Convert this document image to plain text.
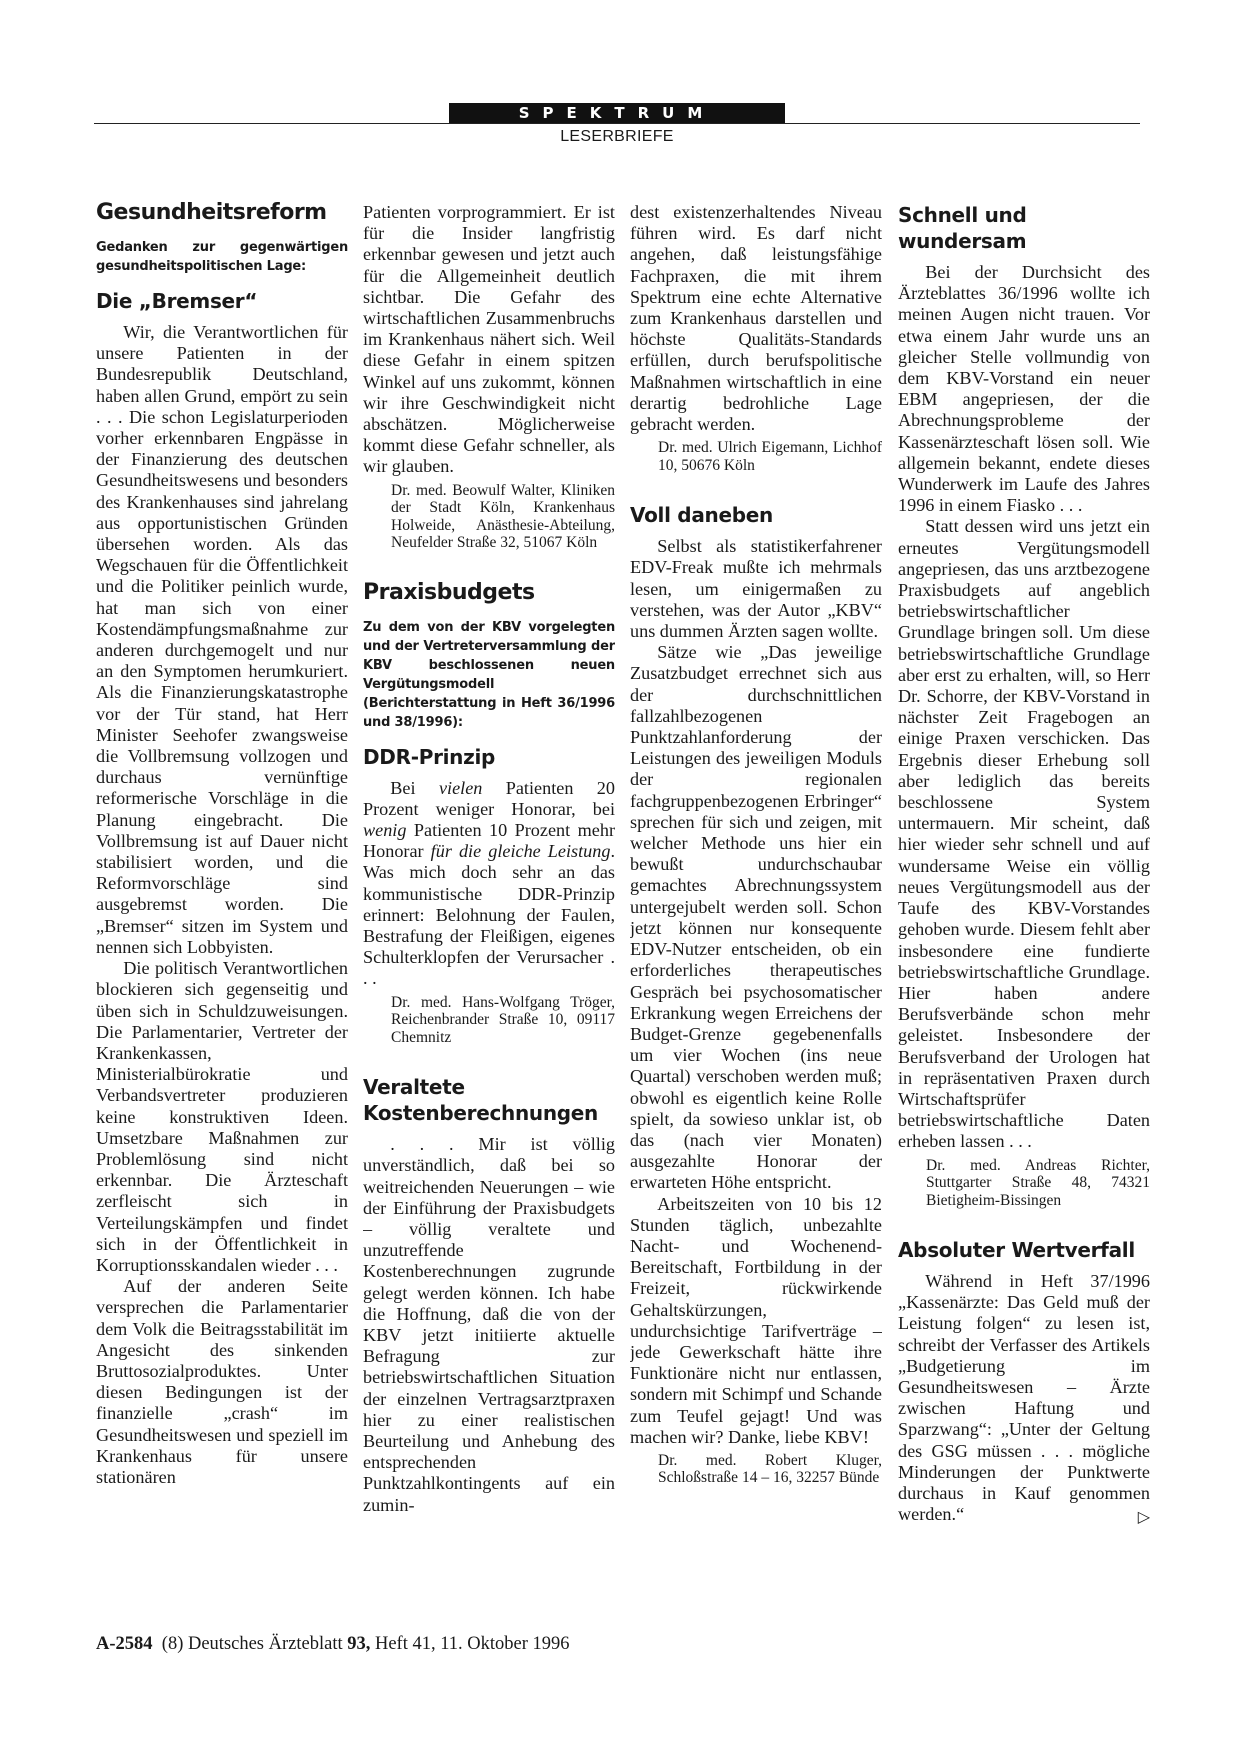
SPEKTRUM
LESERBRIEFE
Gesundheitsreform
Gedanken zur gegenwärtigen gesundheitspolitischen Lage:
Die „Bremser“

Wir, die Verantwortlichen für unsere Patienten in der Bundesrepublik Deutschland, haben allen Grund, empört zu sein . . . Die schon Legislaturperioden vorher erkennbaren Engpässe in der Finanzierung des deutschen Gesundheitswesens und besonders des Krankenhauses sind jahrelang aus opportunistischen Gründen übersehen worden. Als das Wegschauen für die Öffentlichkeit und die Politiker peinlich wurde, hat man sich von einer Kostendämpfungsmaßnahme zur anderen durchgemogelt und nur an den Symptomen herumkuriert. Als die Finanzierungskatastrophe vor der Tür stand, hat Herr Minister Seehofer zwangsweise die Vollbremsung vollzogen und durchaus vernünftige reformerische Vorschläge in die Planung eingebracht. Die Vollbremsung ist auf Dauer nicht stabilisiert worden, und die Reformvorschläge sind ausgebremst worden. Die „Bremser“ sitzen im System und nennen sich Lobbyisten.

Die politisch Verantwortlichen blockieren sich gegenseitig und üben sich in Schuldzuweisungen. Die Parlamentarier, Vertreter der Krankenkassen, Ministerialbürokratie und Verbandsvertreter produzieren keine konstruktiven Ideen. Umsetzbare Maßnahmen zur Problemlösung sind nicht erkennbar. Die Ärzteschaft zerfleischt sich in Verteilungskämpfen und findet sich in der Öffentlichkeit in Korruptionsskandalen wieder . . .

Auf der anderen Seite versprechen die Parlamentarier dem Volk die Beitragsstabilität im Angesicht des sinkenden Bruttosozialproduktes. Unter diesen Bedingungen ist der finanzielle „crash“ im Gesundheitswesen und speziell im Krankenhaus für unsere stationären

Patienten vorprogrammiert. Er ist für die Insider langfristig erkennbar gewesen und jetzt auch für die Allgemeinheit deutlich sichtbar. Die Gefahr des wirtschaftlichen Zusammenbruchs im Krankenhaus nähert sich. Weil diese Gefahr in einem spitzen Winkel auf uns zukommt, können wir ihre Geschwindigkeit nicht abschätzen. Möglicherweise kommt diese Gefahr schneller, als wir glauben.

Dr. med. Beowulf Walter, Kliniken der Stadt Köln, Krankenhaus Holweide, Anästhesie-Abteilung, Neufelder Straße 32, 51067 Köln
Praxisbudgets
Zu dem von der KBV vorgelegten und der Vertreterversammlung der KBV beschlossenen neuen Vergütungsmodell (Berichterstattung in Heft 36/1996 und 38/1996):
DDR-Prinzip

Bei vielen Patienten 20 Prozent weniger Honorar, bei wenig Patienten 10 Prozent mehr Honorar für die gleiche Leistung. Was mich doch sehr an das kommunistische DDR-Prinzip erinnert: Belohnung der Faulen, Bestrafung der Fleißigen, eigenes Schulterklopfen der Verursacher . . .

Dr. med. Hans-Wolfgang Tröger, Reichenbrander Straße 10, 09117 Chemnitz
Veraltete Kostenberechnungen

. . . Mir ist völlig unverständlich, daß bei so weitreichenden Neuerungen – wie der Einführung der Praxisbudgets – völlig veraltete und unzutreffende Kostenberechnungen zugrunde gelegt werden können. Ich habe die Hoffnung, daß die von der KBV jetzt initiierte aktuelle Befragung zur betriebswirtschaftlichen Situation der einzelnen Vertragsarztpraxen hier zu einer realistischen Beurteilung und Anhebung des entsprechenden Punktzahlkontingents auf ein zumin-

dest existenzerhaltendes Niveau führen wird. Es darf nicht angehen, daß leistungsfähige Fachpraxen, die mit ihrem Spektrum eine echte Alternative zum Krankenhaus darstellen und höchste Qualitäts-Standards erfüllen, durch berufspolitische Maßnahmen wirtschaftlich in eine derartig bedrohliche Lage gebracht werden.

Dr. med. Ulrich Eigemann, Lichhof 10, 50676 Köln
Voll daneben

Selbst als statistikerfahrener EDV-Freak mußte ich mehrmals lesen, um einigermaßen zu verstehen, was der Autor „KBV“ uns dummen Ärzten sagen wollte.

Sätze wie „Das jeweilige Zusatzbudget errechnet sich aus der durchschnittlichen fallzahlbezogenen Punktzahlanforderung der Leistungen des jeweiligen Moduls der regionalen fachgruppenbezogenen Erbringer“ sprechen für sich und zeigen, mit welcher Methode uns hier ein bewußt undurchschaubar gemachtes Abrechnungssystem untergejubelt werden soll. Schon jetzt können nur konsequente EDV-Nutzer entscheiden, ob ein erforderliches therapeutisches Gespräch bei psychosomatischer Erkrankung wegen Erreichens der Budget-Grenze gegebenenfalls um vier Wochen (ins neue Quartal) verschoben werden muß; obwohl es eigentlich keine Rolle spielt, da sowieso unklar ist, ob das (nach vier Monaten) ausgezahlte Honorar der erwarteten Höhe entspricht.

Arbeitszeiten von 10 bis 12 Stunden täglich, unbezahlte Nacht- und Wochenend-Bereitschaft, Fortbildung in der Freizeit, rückwirkende Gehaltskürzungen, undurchsichtige Tarifverträge – jede Gewerkschaft hätte ihre Funktionäre nicht nur entlassen, sondern mit Schimpf und Schande zum Teufel gejagt! Und was machen wir? Danke, liebe KBV!

Dr. med. Robert Kluger, Schloßstraße 14 – 16, 32257 Bünde
Schnell und wundersam

Bei der Durchsicht des Ärzteblattes 36/1996 wollte ich meinen Augen nicht trauen. Vor etwa einem Jahr wurde uns an gleicher Stelle vollmundig von dem KBV-Vorstand ein neuer EBM angepriesen, der die Abrechnungsprobleme der Kassenärzteschaft lösen soll. Wie allgemein bekannt, endete dieses Wunderwerk im Laufe des Jahres 1996 in einem Fiasko . . .

Statt dessen wird uns jetzt ein erneutes Vergütungsmodell angepriesen, das uns arztbezogene Praxisbudgets auf angeblich betriebswirtschaftlicher Grundlage bringen soll. Um diese betriebswirtschaftliche Grundlage aber erst zu erhalten, will, so Herr Dr. Schorre, der KBV-Vorstand in nächster Zeit Fragebogen an einige Praxen verschicken. Das Ergebnis dieser Erhebung soll aber lediglich das bereits beschlossene System untermauern. Mir scheint, daß hier wieder sehr schnell und auf wundersame Weise ein völlig neues Vergütungsmodell aus der Taufe des KBV-Vorstandes gehoben wurde. Diesem fehlt aber insbesondere eine fundierte betriebswirtschaftliche Grundlage. Hier haben andere Berufsverbände schon mehr geleistet. Insbesondere der Berufsverband der Urologen hat in repräsentativen Praxen durch Wirtschaftsprüfer betriebswirtschaftliche Daten erheben lassen . . .

Dr. med. Andreas Richter, Stuttgarter Straße 48, 74321 Bietigheim-Bissingen
Absoluter Wertverfall

Während in Heft 37/1996 „Kassenärzte: Das Geld muß der Leistung folgen“ zu lesen ist, schreibt der Verfasser des Artikels „Budgetierung im Gesundheitswesen – Ärzte zwischen Haftung und Sparzwang“: „Unter der Geltung des GSG müssen . . . mögliche Minderungen der Punktwerte durchaus in Kauf genommen werden.“	▷

A-2584  (8) Deutsches Ärzteblatt 93, Heft 41, 11. Oktober 1996
